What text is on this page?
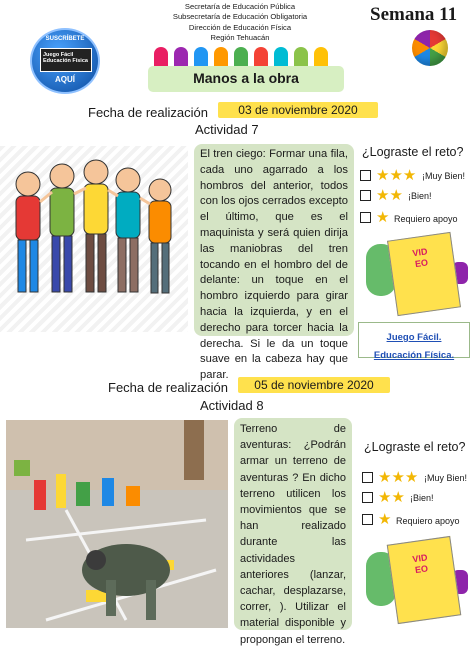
Secretaría de Educación Pública
Subsecretaría de Educación Obligatoria
Dirección de Educación Física
Región Tehuacán
Semana 11
SUSCRÍBETE
Juego Fácil Educación Física
AQUÍ	Manos a la obra
Fecha de realización	03 de noviembre 2020
Actividad 7
El tren ciego: Formar una fila, cada uno agarrado a los hombros del anterior, todos con los ojos cerrados excepto el último, que es el maquinista y será quien dirija las maniobras del tren tocando en el hombro del de delante: un toque en el hombro izquierdo para girar hacia la izquierda, y en el derecho para torcer hacia la derecha. Si le da un toque suave en la cabeza hay que parar.
¿Lograste el reto?
★★★ ¡Muy Bien!
★★ ¡Bien!
★ Requiero apoyo
VIDEO
Juego Fácil. Educación Física.
Fecha de realización	05 de noviembre 2020
Actividad 8
Terreno de aventuras: ¿Podrán armar un terreno de aventuras ? En dicho terreno utilicen los movimientos que se han realizado durante las actividades anteriores (lanzar, cachar, desplazarse, correr, ). Utilizar el material disponible y propongan el terreno.
¿Lograste el reto?
★★★ ¡Muy Bien!
★★ ¡Bien!
★ Requiero apoyo
VIDEO
